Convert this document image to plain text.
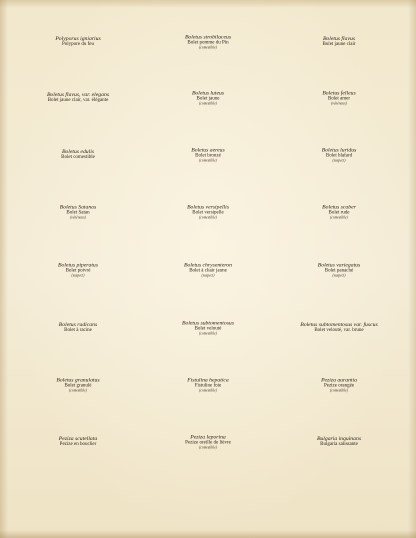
Polyporus igniarius
Polypore du feu
Boletus strobilaceus
Bolet pomme du Pin
(comestible)
Boletus flavus
Bolet jaune clair
Boletus flavus, var. elegans
Bolet jaune clair, var. élégante
Boletus luteus
Bolet jaune
(comestible)
Boletus felleus
Bolet amer
(vénéneux)
Boletus edulis
Bolet comestible
Boletus aereus
Bolet bronzé
(comestible)
Boletus luridus
Bolet blafard
(suspect)
Boletus Satanas
Bolet Satan
(vénéneux)
Boletus versipellis
Bolet versipelle
(comestible)
Boletus scaber
Bolet rude
(comestible)
Boletus piperatus
Bolet poivré
(suspect)
Boletus chrysenteron
Bolet à chair jaune
(suspect)
Boletus variegatus
Bolet panaché
(suspect)
Boletus radicans
Bolet à racine
Boletus subtomentosus
Bolet velouté
(comestible)
Boletus subtomentosus var. fuscus
Bolet velouté, var. brune
Boletus granulatus
Bolet granulé
(comestible)
Fistulina hepatica
Fistuline foie
(comestible)
Peziza aurantia
Pezize orangée
(comestible)
Peziza scutellata
Pezize en bouclier
Peziza leporina
Pezize oreille de lièvre
(comestible)
Bulgaria inquinans
Bulgaria salissante
